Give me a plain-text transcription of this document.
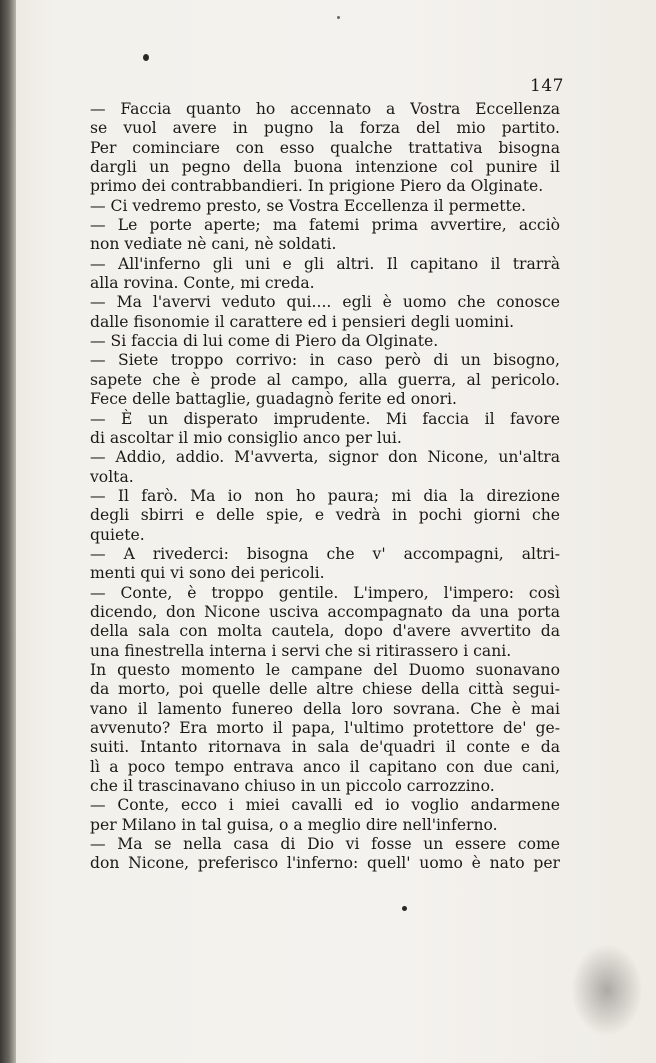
147
— Faccia quanto ho accennato a Vostra Eccellenza
se vuol avere in pugno la forza del mio partito.
Per cominciare con esso qualche trattativa bisogna
dargli un pegno della buona intenzione col punire il
primo dei contrabbandieri. In prigione Piero da Olginate.
— Ci vedremo presto, se Vostra Eccellenza il permette.
— Le porte aperte; ma fatemi prima avvertire, acciò
non vediate nè cani, nè soldati.
— All'inferno gli uni e gli altri. Il capitano il trarrà
alla rovina. Conte, mi creda.
— Ma l'avervi veduto qui.... egli è uomo che conosce
dalle fisonomie il carattere ed i pensieri degli uomini.
— Si faccia di lui come di Piero da Olginate.
— Siete troppo corrivo: in caso però di un bisogno,
sapete che è prode al campo, alla guerra, al pericolo.
Fece delle battaglie, guadagnò ferite ed onori.
— È un disperato imprudente. Mi faccia il favore
di ascoltar il mio consiglio anco per lui.
— Addio, addio. M'avverta, signor don Nicone, un'altra
volta.
— Il farò. Ma io non ho paura; mi dia la direzione
degli sbirri e delle spie, e vedrà in pochi giorni che
quiete.
— A rivederci: bisogna che v' accompagni, altri-
menti qui vi sono dei pericoli.
— Conte, è troppo gentile. L'impero, l'impero: così
dicendo, don Nicone usciva accompagnato da una porta
della sala con molta cautela, dopo d'avere avvertito da
una finestrella interna i servi che si ritirassero i cani.
In questo momento le campane del Duomo suonavano
da morto, poi quelle delle altre chiese della città segui-
vano il lamento funereo della loro sovrana. Che è mai
avvenuto? Era morto il papa, l'ultimo protettore de' ge-
suiti. Intanto ritornava in sala de'quadri il conte e da
lì a poco tempo entrava anco il capitano con due cani,
che il trascinavano chiuso in un piccolo carrozzino.
— Conte, ecco i miei cavalli ed io voglio andarmene
per Milano in tal guisa, o a meglio dire nell'inferno.
— Ma se nella casa di Dio vi fosse un essere come
don Nicone, preferisco l'inferno: quell' uomo è nato per
